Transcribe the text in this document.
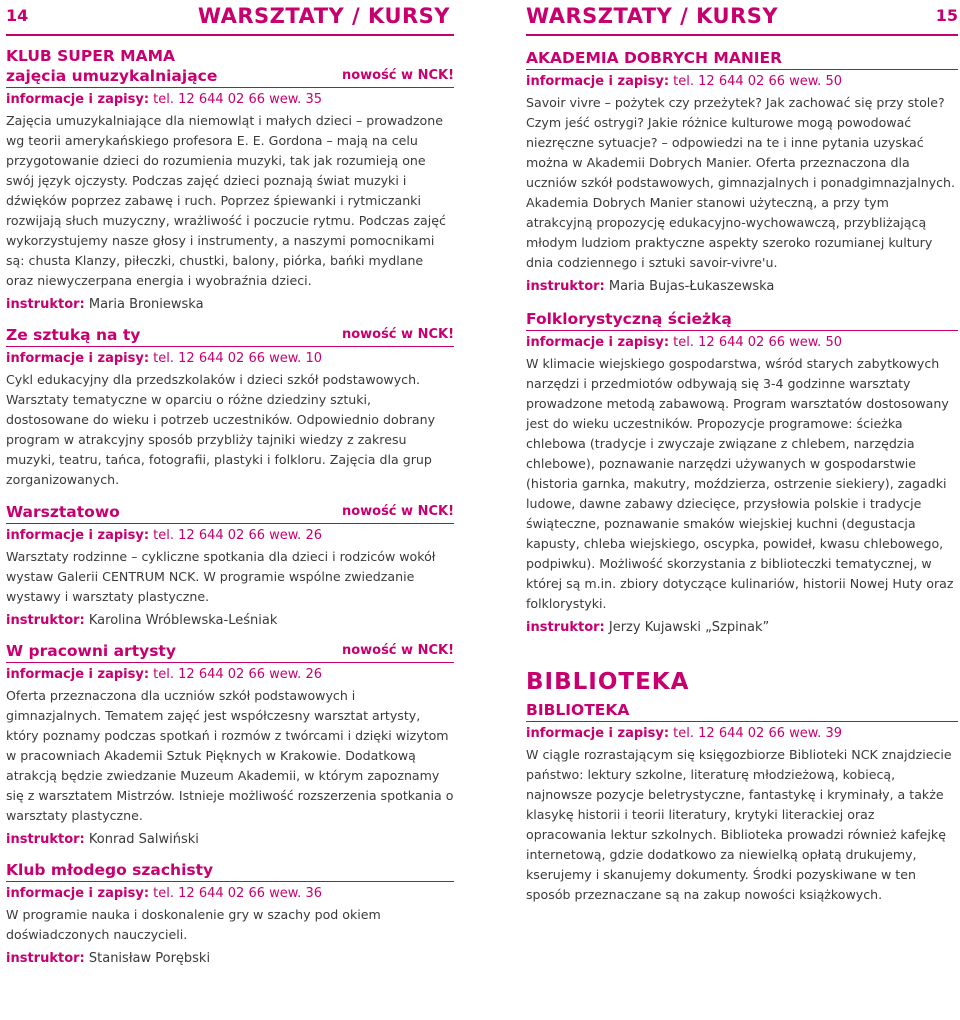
14	WARSZTATY / KURSY
KLUB SUPER MAMA
zajęcia umuzykalniające	nowość w NCK!
informacje i zapisy: tel. 12 644 02 66 wew. 35

Zajęcia umuzykalniające dla niemowląt i małych dzieci – prowadzone wg teorii amerykańskiego profesora E. E. Gordona – mają na celu przygotowanie dzieci do rozumienia muzyki, tak jak rozumieją one swój język ojczysty. Podczas zajęć dzieci poznają świat muzyki i dźwięków poprzez zabawę i ruch. Poprzez śpiewanki i rytmiczanki rozwijają słuch muzyczny, wrażliwość i poczucie rytmu. Podczas zajęć wykorzystujemy nasze głosy i instrumenty, a naszymi pomocnikami są: chusta Klanzy, piłeczki, chustki, balony, piórka, bańki mydlane oraz niewyczerpana energia i wyobraźnia dzieci.

instruktor: Maria Broniewska
Ze sztuką na ty	nowość w NCK!
informacje i zapisy: tel. 12 644 02 66 wew. 10

Cykl edukacyjny dla przedszkolaków i dzieci szkół podstawowych. Warsztaty tematyczne w oparciu o różne dziedziny sztuki, dostosowane do wieku i potrzeb uczestników. Odpowiednio dobrany program w atrakcyjny sposób przybliży tajniki wiedzy z zakresu muzyki, teatru, tańca, fotografii, plastyki i folkloru. Zajęcia dla grup zorganizowanych.

Warsztatowo	nowość w NCK!
informacje i zapisy: tel. 12 644 02 66 wew. 26

Warsztaty rodzinne – cykliczne spotkania dla dzieci i rodziców wokół wystaw Galerii CENTRUM NCK. W programie wspólne zwiedzanie wystawy i warsztaty plastyczne.

instruktor: Karolina Wróblewska-Leśniak
W pracowni artysty	nowość w NCK!
informacje i zapisy: tel. 12 644 02 66 wew. 26

Oferta przeznaczona dla uczniów szkół podstawowych i gimnazjalnych. Tematem zajęć jest współczesny warsztat artysty, który poznamy podczas spotkań i rozmów z twórcami i dzięki wizytom w pracowniach Akademii Sztuk Pięknych w Krakowie. Dodatkową atrakcją będzie zwiedzanie Muzeum Akademii, w którym zapoznamy się z warsztatem Mistrzów. Istnieje możliwość rozszerzenia spotkania o warsztaty plastyczne.

instruktor: Konrad Salwiński
Klub młodego szachisty
informacje i zapisy: tel. 12 644 02 66 wew. 36

W programie nauka i doskonalenie gry w szachy pod okiem doświadczonych nauczycieli.

instruktor: Stanisław Porębski
WARSZTATY / KURSY	15
AKADEMIA DOBRYCH MANIER
informacje i zapisy: tel. 12 644 02 66 wew. 50

Savoir vivre – pożytek czy przeżytek? Jak zachować się przy stole? Czym jeść ostrygi? Jakie różnice kulturowe mogą powodować niezręczne sytuacje? – odpowiedzi na te i inne pytania uzyskać można w Akademii Dobrych Manier. Oferta przeznaczona dla uczniów szkół podstawowych, gimnazjalnych i ponadgimnazjalnych. Akademia Dobrych Manier stanowi użyteczną, a przy tym atrakcyjną propozycję edukacyjno-wychowawczą, przybliżającą młodym ludziom praktyczne aspekty szeroko rozumianej kultury dnia codziennego i sztuki savoir-vivre'u.

instruktor: Maria Bujas-Łukaszewska
Folklorystyczną ścieżką
informacje i zapisy: tel. 12 644 02 66 wew. 50

W klimacie wiejskiego gospodarstwa, wśród starych zabytkowych narzędzi i przedmiotów odbywają się 3-4 godzinne warsztaty prowadzone metodą zabawową. Program warsztatów dostosowany jest do wieku uczestników. Propozycje programowe: ścieżka chlebowa (tradycje i zwyczaje związane z chlebem, narzędzia chlebowe), poznawanie narzędzi używanych w gospodarstwie (historia garnka, makutry, moździerza, ostrzenie siekiery), zagadki ludowe, dawne zabawy dziecięce, przysłowia polskie i tradycje świąteczne, poznawanie smaków wiejskiej kuchni (degustacja kapusty, chleba wiejskiego, oscypka, powideł, kwasu chlebowego, podpiwku). Możliwość skorzystania z biblioteczki tematycznej, w której są m.in. zbiory dotyczące kulinariów, historii Nowej Huty oraz folklorystyki.

instruktor: Jerzy Kujawski „Szpinak”
BIBLIOTEKA
BIBLIOTEKA
informacje i zapisy: tel. 12 644 02 66 wew. 39

W ciągle rozrastającym się księgozbiorze Biblioteki NCK znajdziecie państwo: lektury szkolne, literaturę młodzieżową, kobiecą, najnowsze pozycje beletrystyczne, fantastykę i kryminały, a także klasykę historii i teorii literatury, krytyki literackiej oraz opracowania lektur szkolnych. Biblioteka prowadzi również kafejkę internetową, gdzie dodatkowo za niewielką opłatą drukujemy, kserujemy i skanujemy dokumenty. Środki pozyskiwane w ten sposób przeznaczane są na zakup nowości książkowych.
